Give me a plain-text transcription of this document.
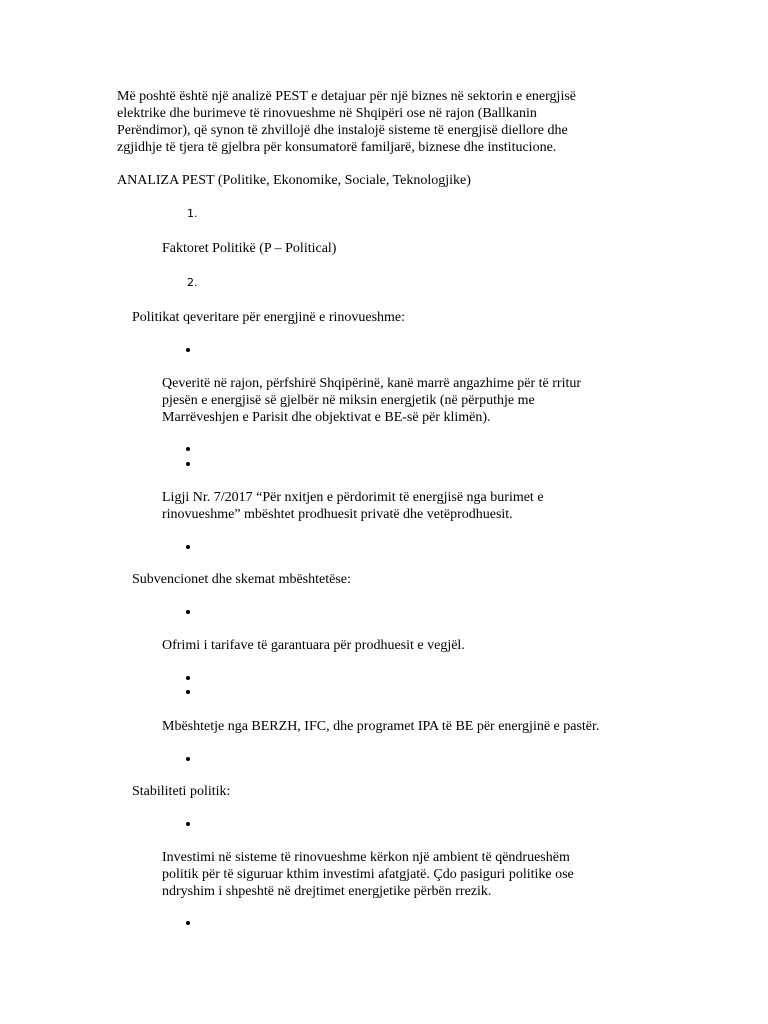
Më poshtë është një analizë PEST e detajuar për një biznes në sektorin e energjisë
elektrike dhe burimeve të rinovueshme në Shqipëri ose në rajon (Ballkanin
Perëndimor), që synon të zhvillojë dhe instalojë sisteme të energjisë diellore dhe
zgjidhje të tjera të gjelbra për konsumatorë familjarë, biznese dhe institucione.
ANALIZA PEST (Politike, Ekonomike, Sociale, Teknologjike)
1.
Faktoret Politikë (P – Political)
2.
Politikat qeveritare për energjinë e rinovueshme:
Qeveritë në rajon, përfshirë Shqipërinë, kanë marrë angazhime për të rritur
pjesën e energjisë së gjelbër në miksin energjetik (në përputhje me
Marrëveshjen e Parisit dhe objektivat e BE-së për klimën).
Ligji Nr. 7/2017 “Për nxitjen e përdorimit të energjisë nga burimet e
rinovueshme” mbështet prodhuesit privatë dhe vetëprodhuesit.
Subvencionet dhe skemat mbështetëse:
Ofrimi i tarifave të garantuara për prodhuesit e vegjël.
Mbështetje nga BERZH, IFC, dhe programet IPA të BE për energjinë e pastër.
Stabiliteti politik:
Investimi në sisteme të rinovueshme kërkon një ambient të qëndrueshëm
politik për të siguruar kthim investimi afatgjatë. Çdo pasiguri politike ose
ndryshim i shpeshtë në drejtimet energjetike përbën rrezik.
